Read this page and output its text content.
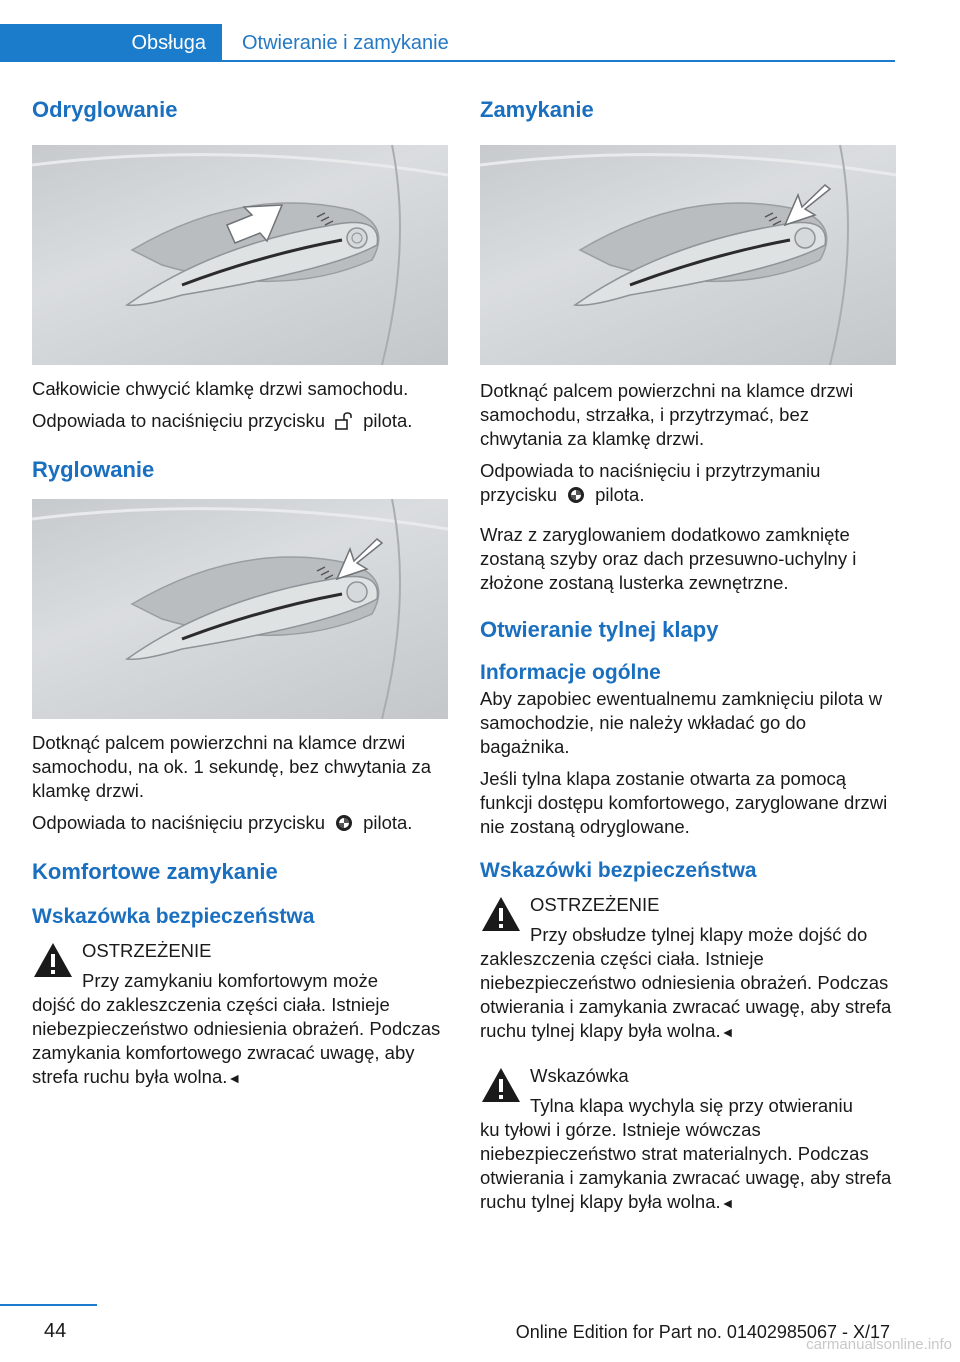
Obsługa	Otwieranie i zamykanie
Odryglowanie

Całkowicie chwycić klamkę drzwi samochodu.

Odpowiada to naciśnięciu przycisku pilota.

Ryglowanie

Dotknąć palcem powierzchni na klamce drzwi samochodu, na ok. 1 sekundę, bez chwytania za klamkę drzwi.

Odpowiada to naciśnięciu przycisku pilota.

Komfortowe zamykanie
Wskazówka bezpieczeństwa
OSTRZEŻENIE
Przy zamykaniu komfortowym może
dojść do zakleszczenia części ciała. Istnieje niebezpieczeństwo odniesienia obrażeń. Podczas zamykania komfortowego zwracać uwagę, aby strefa ruchu była wolna.◄
Zamykanie

Dotknąć palcem powierzchni na klamce drzwi samochodu, strzałka, i przytrzymać, bez chwytania za klamkę drzwi.

Odpowiada to naciśnięciu i przytrzymaniu przycisku pilota.

Wraz z zaryglowaniem dodatkowo zamknięte zostaną szyby oraz dach przesuwno-uchylny i złożone zostaną lusterka zewnętrzne.

Otwieranie tylnej klapy
Informacje ogólne

Aby zapobiec ewentualnemu zamknięciu pilota w samochodzie, nie należy wkładać go do bagażnika.

Jeśli tylna klapa zostanie otwarta za pomocą funkcji dostępu komfortowego, zaryglowane drzwi nie zostaną odryglowane.

Wskazówki bezpieczeństwa
OSTRZEŻENIE
Przy obsłudze tylnej klapy może dojść do
zakleszczenia części ciała. Istnieje niebezpieczeństwo odniesienia obrażeń. Podczas otwierania i zamykania zwracać uwagę, aby strefa ruchu tylnej klapy była wolna.◄
Wskazówka
Tylna klapa wychyla się przy otwieraniu
ku tyłowi i górze. Istnieje wówczas niebezpieczeństwo strat materialnych. Podczas otwierania i zamykania zwracać uwagę, aby strefa ruchu tylnej klapy była wolna.◄
44	Online Edition for Part no. 01402985067 - X/17
carmanualsonline.info
